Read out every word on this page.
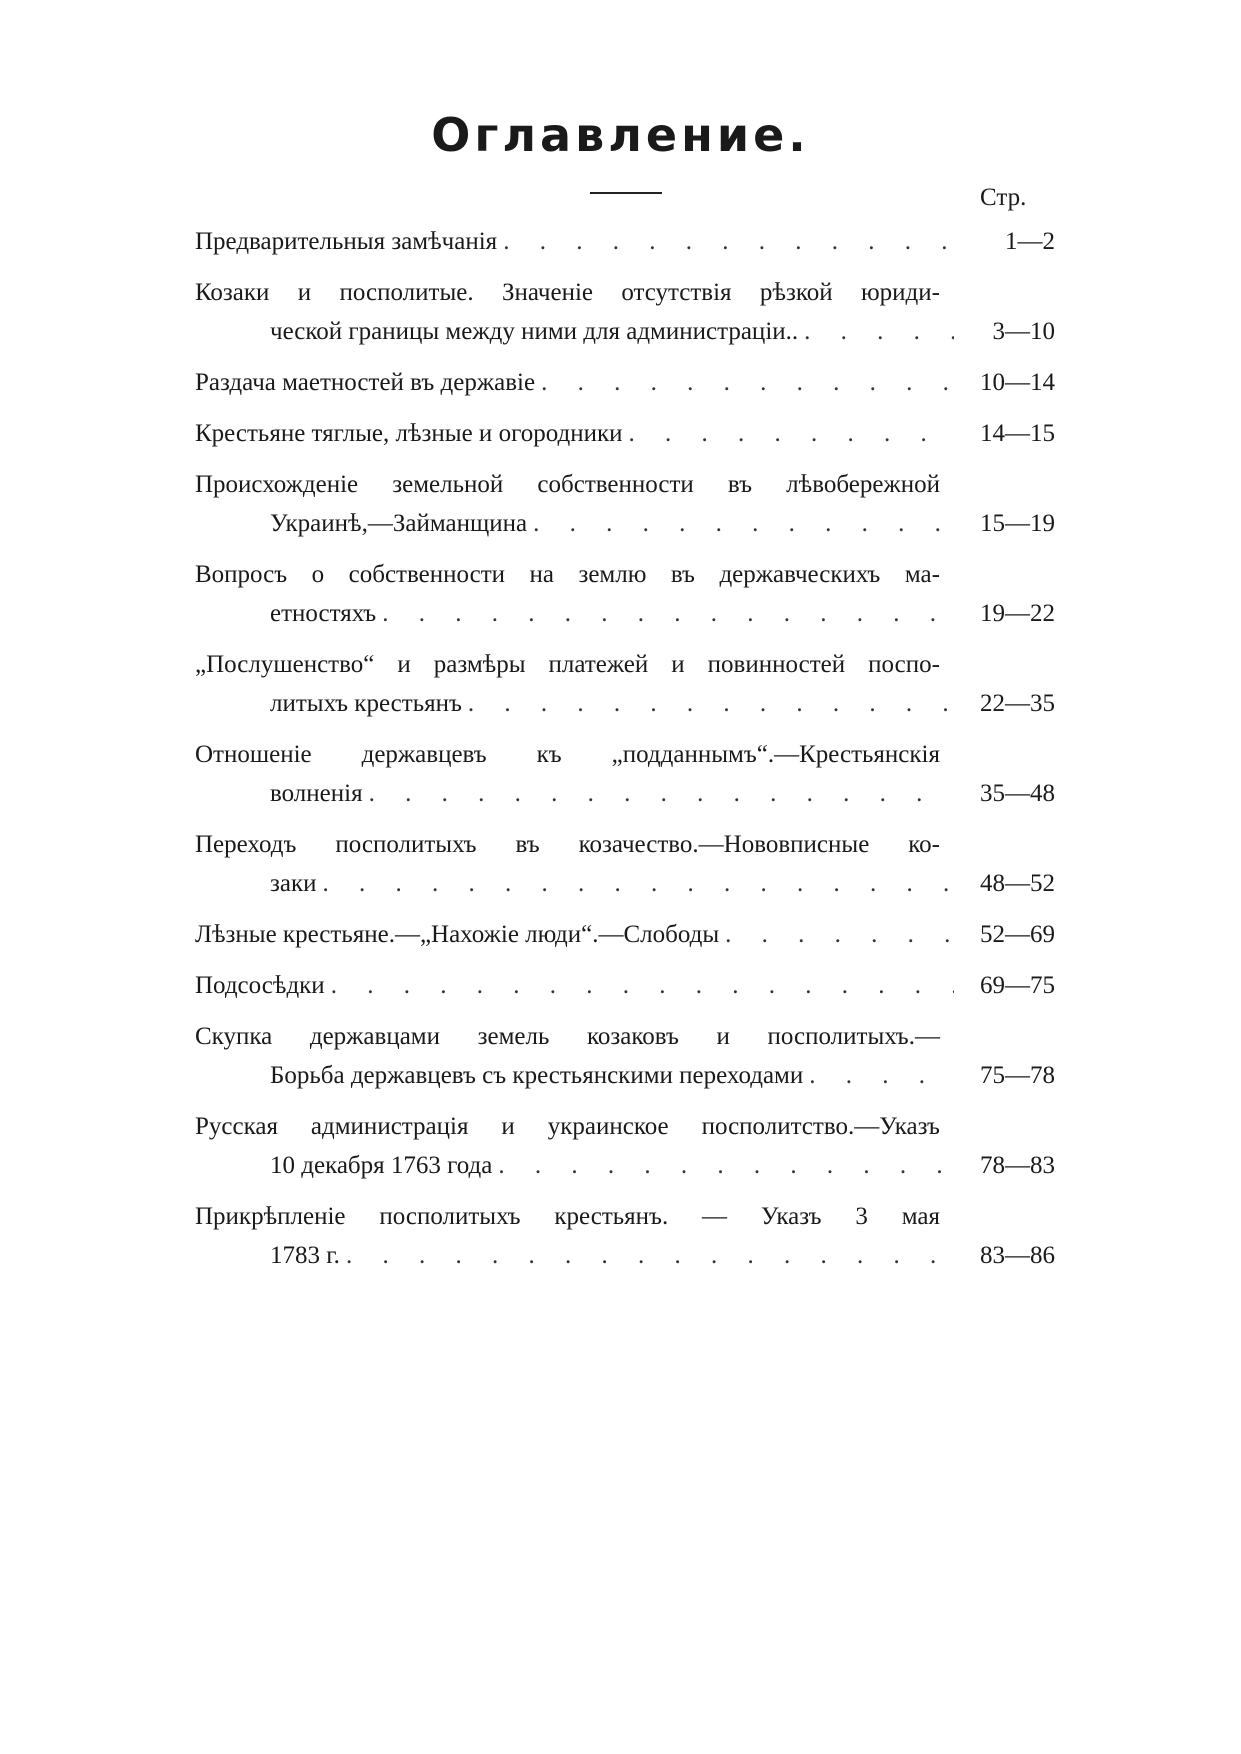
Оглавление.
Стр.
Предварительныя замѣчанія . . .	1—2
Козаки и посполитые. Значеніе отсутствія рѣзкой юриди-
ческой границы между ними для администраціи.. . . .	3—10
Раздача маетностей въ державіе . . .	10—14
Крестьяне тяглые, лѣзные и огородники . . .	14—15
Происхожденіе земельной собственности въ лѣвобережной
Украинѣ,—Займанщина . . .	15—19
Вопросъ о собственности на землю въ державческихъ ма-
етностяхъ . . .	19—22
„Послушенство“ и размѣры платежей и повинностей поспо-
литыхъ крестьянъ . . .	22—35
Отношеніе державцевъ къ „подданнымъ“.—Крестьянскія
волненія . . .	35—48
Переходъ посполитыхъ въ козачество.—Нововписные ко-
заки . . .	48—52
Лѣзные крестьяне.—„Нахожіе люди“.—Слободы . . .	52—69
Подсосѣдки . . .	69—75
Скупка державцами земель козаковъ и посполитыхъ.—
Борьба державцевъ съ крестьянскими переходами . . .	75—78
Русская администрація и украинское посполитство.—Указъ
10 декабря 1763 года . . .	78—83
Прикрѣпленіе посполитыхъ крестьянъ. — Указъ 3 мая
1783 г. . . .	83—86
